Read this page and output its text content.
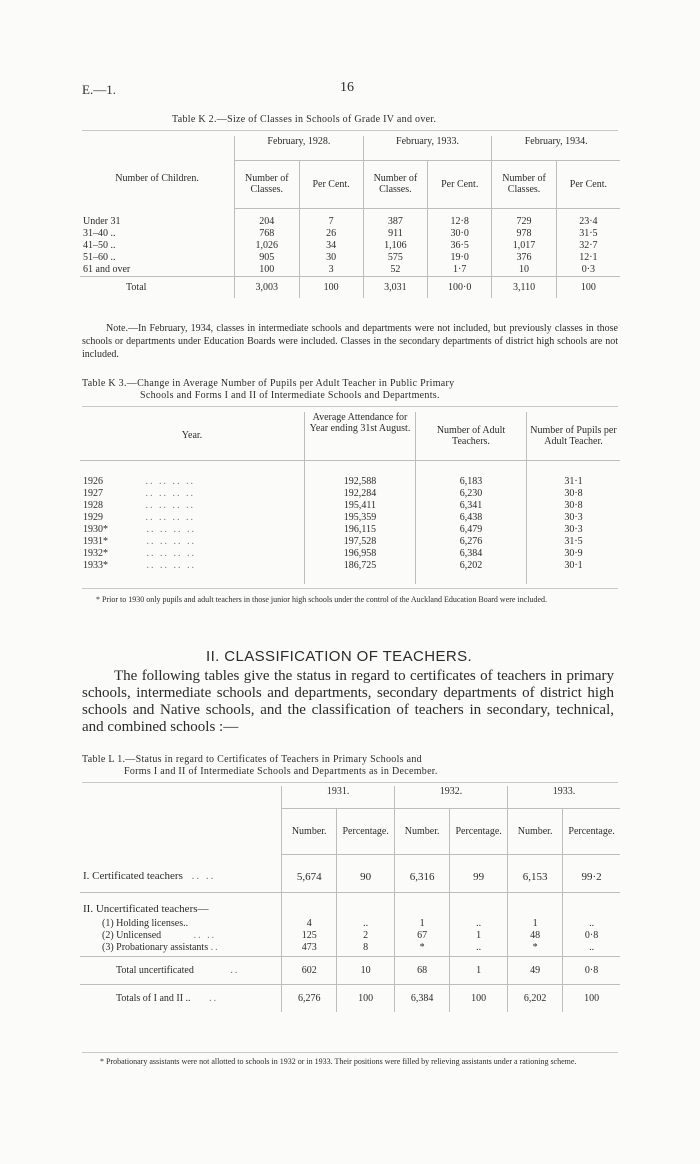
E.—1.	16
Table K 2.—Size of Classes in Schools of Grade IV and over.
Number of Children.	February, 1928.		February, 1933.		February, 1934.	
	Number of Classes.	Per Cent.	Number of Classes.	Per Cent.	Number of Classes.	Per Cent.

Under 31	204	7	387	12·8	729	23·4
31–40 ..	768	26	911	30·0	978	31·5
41–50 ..	1,026	34	1,106	36·5	1,017	32·7
51–60 ..	905	30	575	19·0	376	12·1
61 and over	100	3	52	1·7	10	0·3
Total	3,003	100	3,031	100·0	3,110	100
Note.—In February, 1934, classes in intermediate schools and departments were not included, but previously classes in those schools or departments under Education Boards were included. Classes in the secondary departments of district high schools are not included.
Table K 3.—Change in Average Number of Pupils per Adult Teacher in Public Primary
Schools and Forms I and II of Intermediate Schools and Departments.
Year.	Average Attendance for Year ending 31st August.	Number of Adult Teachers.	Number of Pupils per Adult Teacher.

1926 .. .. .. ..	192,588	6,183	31·1
1927 .. .. .. ..	192,284	6,230	30·8
1928 .. .. .. ..	195,411	6,341	30·8
1929 .. .. .. ..	195,359	6,438	30·3
1930* .. .. .. ..	196,115	6,479	30·3
1931* .. .. .. ..	197,528	6,276	31·5
1932* .. .. .. ..	196,958	6,384	30·9
1933* .. .. .. ..	186,725	6,202	30·1

* Prior to 1930 only pupils and adult teachers in those junior high schools under the control of the Auckland Education Board were included.
II. CLASSIFICATION OF TEACHERS.
The following tables give the status in regard to certificates of teachers in primary schools, intermediate schools and departments, secondary departments of district high schools and Native schools, and the classification of teachers in secondary, technical, and combined schools :—
Table L 1.—Status in regard to Certificates of Teachers in Primary Schools and
Forms I and II of Intermediate Schools and Departments as in December.
	1931.		1932.		1933.	
	Number.	Percentage.	Number.	Percentage.	Number.	Percentage.
I. Certificated teachers .. ..	5,674	90	6,316	99	6,153	99·2
II. Uncertificated teachers—						
(1) Holding licenses..	4	..	1	..	1	..
(2) Unlicensed .. ..	125	2	67	1	48	0·8
(3) Probationary assistants ..	473	8	*	..	*	..
Total uncertificated ..	602	10	68	1	49	0·8
Totals of I and II .. ..	6,276	100	6,384	100	6,202	100
* Probationary assistants were not allotted to schools in 1932 or in 1933. Their positions were filled by relieving assistants under a rationing scheme.
